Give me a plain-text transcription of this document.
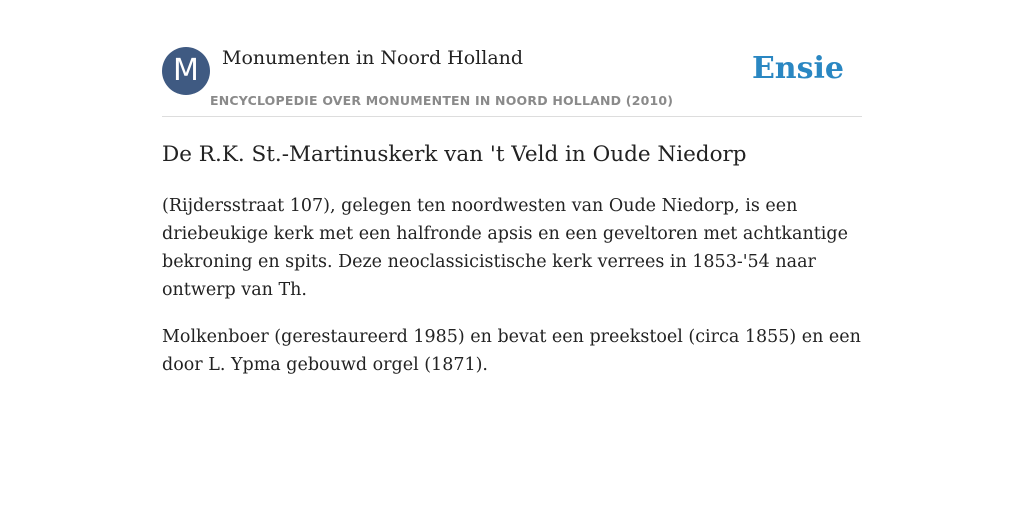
M	Monumenten in Noord Holland
ENCYCLOPEDIE OVER MONUMENTEN IN NOORD HOLLAND (2010)
Ensie
De R.K. St.-Martinuskerk van 't Veld in Oude Niedorp

(Rijdersstraat 107), gelegen ten noordwesten van Oude Niedorp, is een driebeukige kerk met een halfronde apsis en een geveltoren met achtkantige bekroning en spits. Deze neoclassicistische kerk verrees in 1853-'54 naar ontwerp van Th.

Molkenboer (gerestaureerd 1985) en bevat een preekstoel (circa 1855) en een door L. Ypma gebouwd orgel (1871).
